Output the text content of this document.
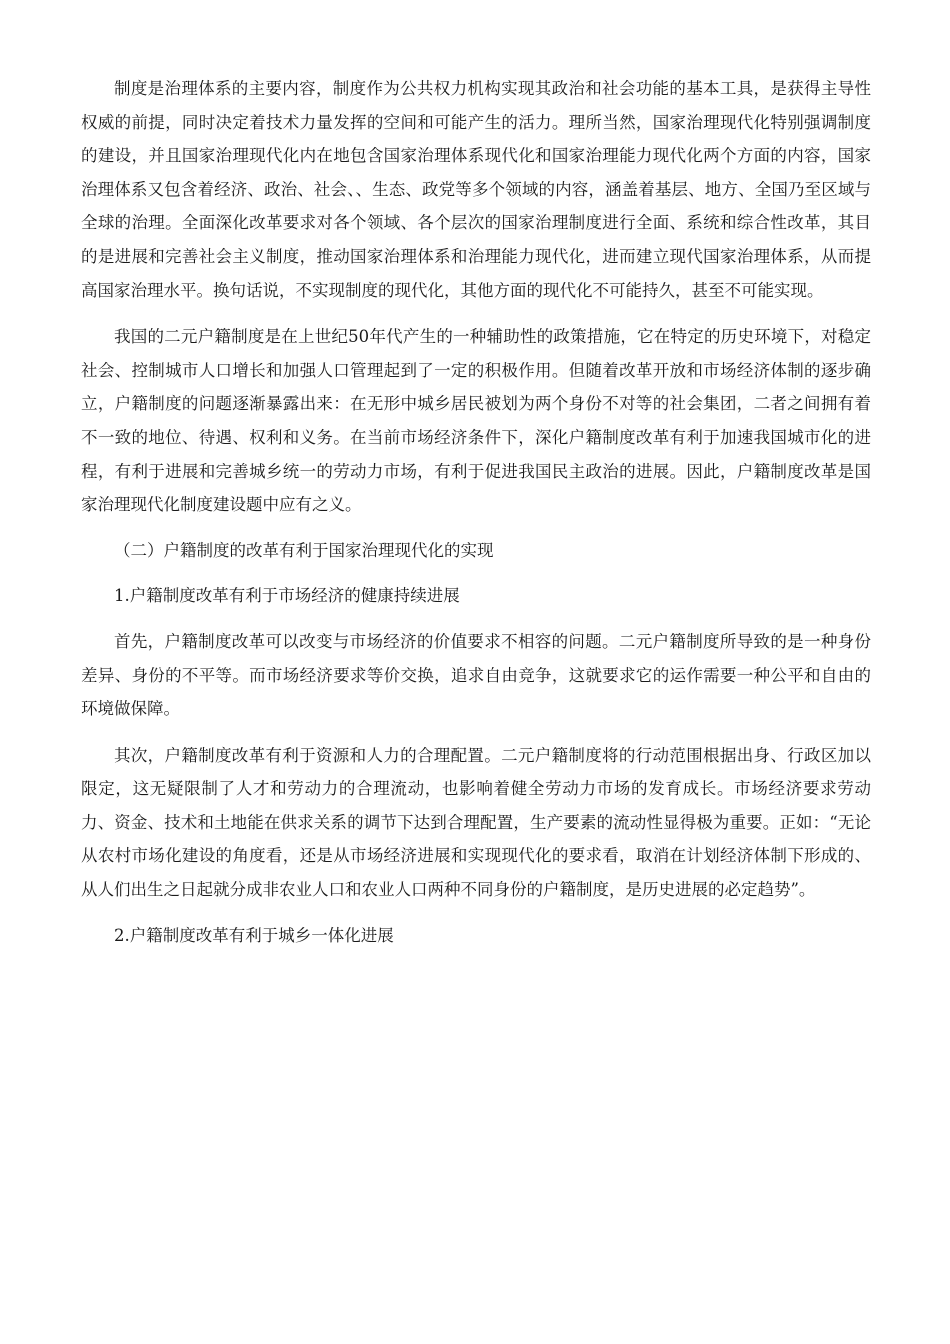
制度是治理体系的主要内容，制度作为公共权力机构实现其政治和社会功能的基本工具，是获得主导性权威的前提，同时决定着技术力量发挥的空间和可能产生的活力。理所当然，国家治理现代化特别强调制度的建设，并且国家治理现代化内在地包含国家治理体系现代化和国家治理能力现代化两个方面的内容，国家治理体系又包含着经济、政治、社会、、生态、政党等多个领域的内容，涵盖着基层、地方、全国乃至区域与全球的治理。全面深化改革要求对各个领域、各个层次的国家治理制度进行全面、系统和综合性改革，其目的是进展和完善社会主义制度，推动国家治理体系和治理能力现代化，进而建立现代国家治理体系，从而提高国家治理水平。换句话说，不实现制度的现代化，其他方面的现代化不可能持久，甚至不可能实现。

我国的二元户籍制度是在上世纪50年代产生的一种辅助性的政策措施，它在特定的历史环境下，对稳定社会、控制城市人口增长和加强人口管理起到了一定的积极作用。但随着改革开放和市场经济体制的逐步确立，户籍制度的问题逐渐暴露出来：在无形中城乡居民被划为两个身份不对等的社会集团，二者之间拥有着不一致的地位、待遇、权利和义务。在当前市场经济条件下，深化户籍制度改革有利于加速我国城市化的进程，有利于进展和完善城乡统一的劳动力市场，有利于促进我国民主政治的进展。因此，户籍制度改革是国家治理现代化制度建设题中应有之义。

（二）户籍制度的改革有利于国家治理现代化的实现

1.户籍制度改革有利于市场经济的健康持续进展

首先，户籍制度改革可以改变与市场经济的价值要求不相容的问题。二元户籍制度所导致的是一种身份差异、身份的不平等。而市场经济要求等价交换，追求自由竞争，这就要求它的运作需要一种公平和自由的环境做保障。

其次，户籍制度改革有利于资源和人力的合理配置。二元户籍制度将的行动范围根据出身、行政区加以限定，这无疑限制了人才和劳动力的合理流动，也影响着健全劳动力市场的发育成长。市场经济要求劳动力、资金、技术和土地能在供求关系的调节下达到合理配置，生产要素的流动性显得极为重要。正如：“无论从农村市场化建设的角度看，还是从市场经济进展和实现现代化的要求看，取消在计划经济体制下形成的、从人们出生之日起就分成非农业人口和农业人口两种不同身份的户籍制度，是历史进展的必定趋势”。

2.户籍制度改革有利于城乡一体化进展
